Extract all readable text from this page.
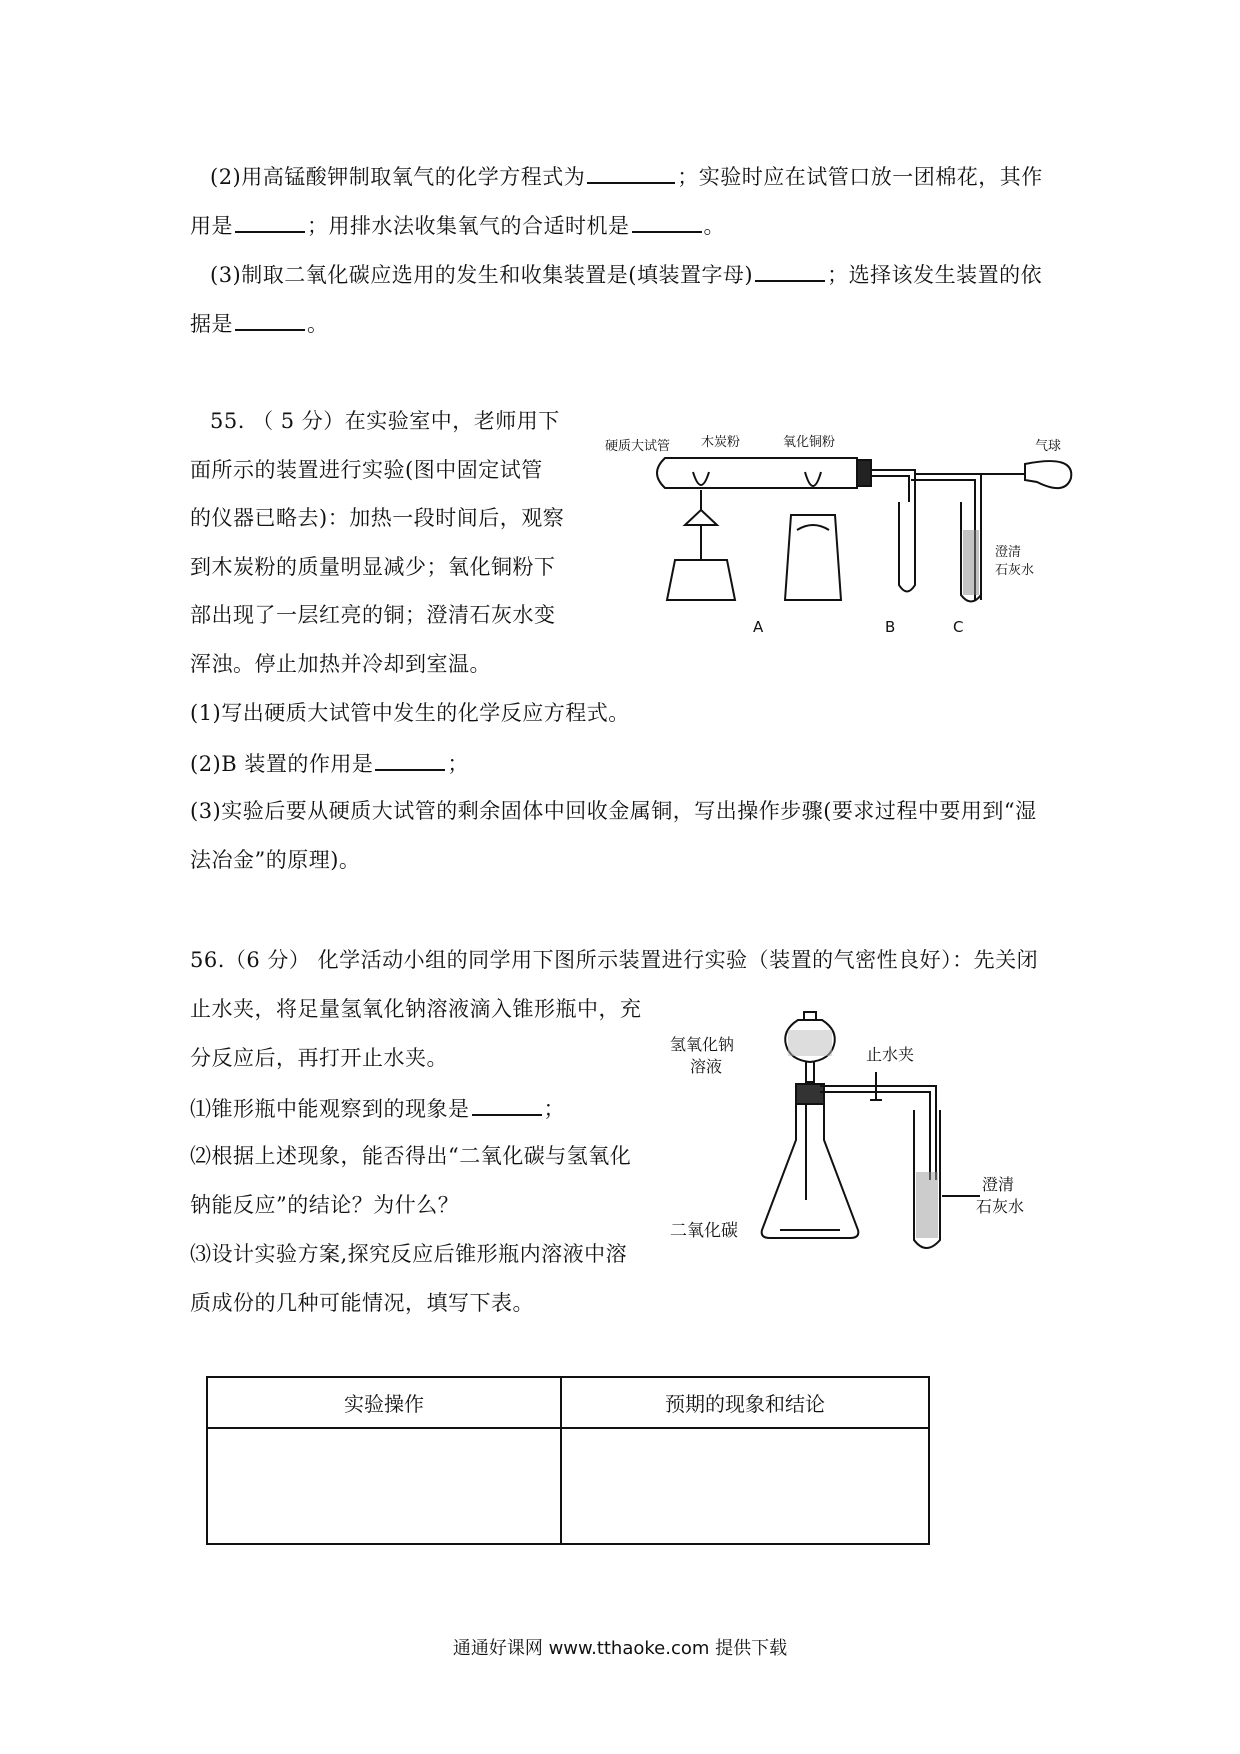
(2)用高锰酸钾制取氧气的化学方程式为	；实验时应在试管口放一团棉花，其作
用是	；用排水法收集氧气的合适时机是	。
(3)制取二氧化碳应选用的发生和收集装置是(填装置字母)	；选择该发生装置的依
据是	。
55. （ 5 分）在实验室中，老师用下
面所示的装置进行实验(图中固定试管
的仪器已略去)：加热一段时间后，观察
到木炭粉的质量明显减少；氧化铜粉下
部出现了一层红亮的铜；澄清石灰水变
浑浊。停止加热并冷却到室温。
(1)写出硬质大试管中发生的化学反应方程式。
(2)B 装置的作用是	；
(3)实验后要从硬质大试管的剩余固体中回收金属铜，写出操作步骤(要求过程中要用到“湿
法冶金”的原理)。
硬质大试管 木炭粉	氧化铜粉	气球
澄清
石灰水
A	B	C
56.（6 分） 化学活动小组的同学用下图所示装置进行实验（装置的气密性良好）：先关闭
止水夹，将足量氢氧化钠溶液滴入锥形瓶中，充
分反应后，再打开止水夹。
⑴锥形瓶中能观察到的现象是	；
⑵根据上述现象，能否得出“二氧化碳与氢氧化
钠能反应”的结论？为什么？
⑶设计实验方案,探究反应后锥形瓶内溶液中溶
质成份的几种可能情况，填写下表。
氢氧化钠
溶液
止水夹
二氧化碳
澄清
石灰水
实验操作	预期的现象和结论

通通好课网 www.tthaoke.com 提供下载
